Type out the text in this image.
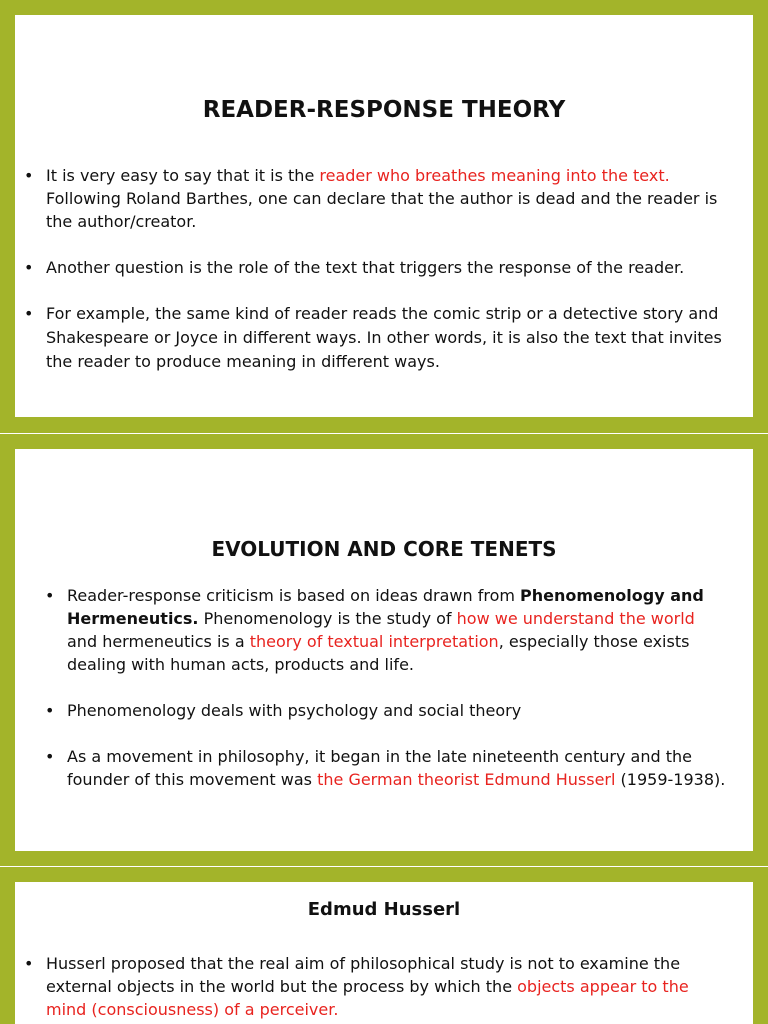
READER-RESPONSE THEORY
• It is very easy to say that it is the reader who breathes meaning into the text. Following Roland Barthes, one can declare that the author is dead and the reader is the author/creator.
• Another question is the role of the text that triggers the response of the reader.
• For example, the same kind of reader reads the comic strip or a detective story and Shakespeare or Joyce in different ways. In other words, it is also the text that invites the reader to produce meaning in different ways.
EVOLUTION AND CORE TENETS
• Reader-response criticism is based on ideas drawn from Phenomenology and Hermeneutics. Phenomenology is the study of how we understand the world and hermeneutics is a theory of textual interpretation, especially those exists dealing with human acts, products and life.
• Phenomenology deals with psychology and social theory
• As a movement in philosophy, it began in the late nineteenth century and the founder of this movement was the German theorist Edmund Husserl (1959-1938).
Edmud Husserl
• Husserl proposed that the real aim of philosophical study is not to examine the external objects in the world but the process by which the objects appear to the mind (consciousness) of a perceiver.
